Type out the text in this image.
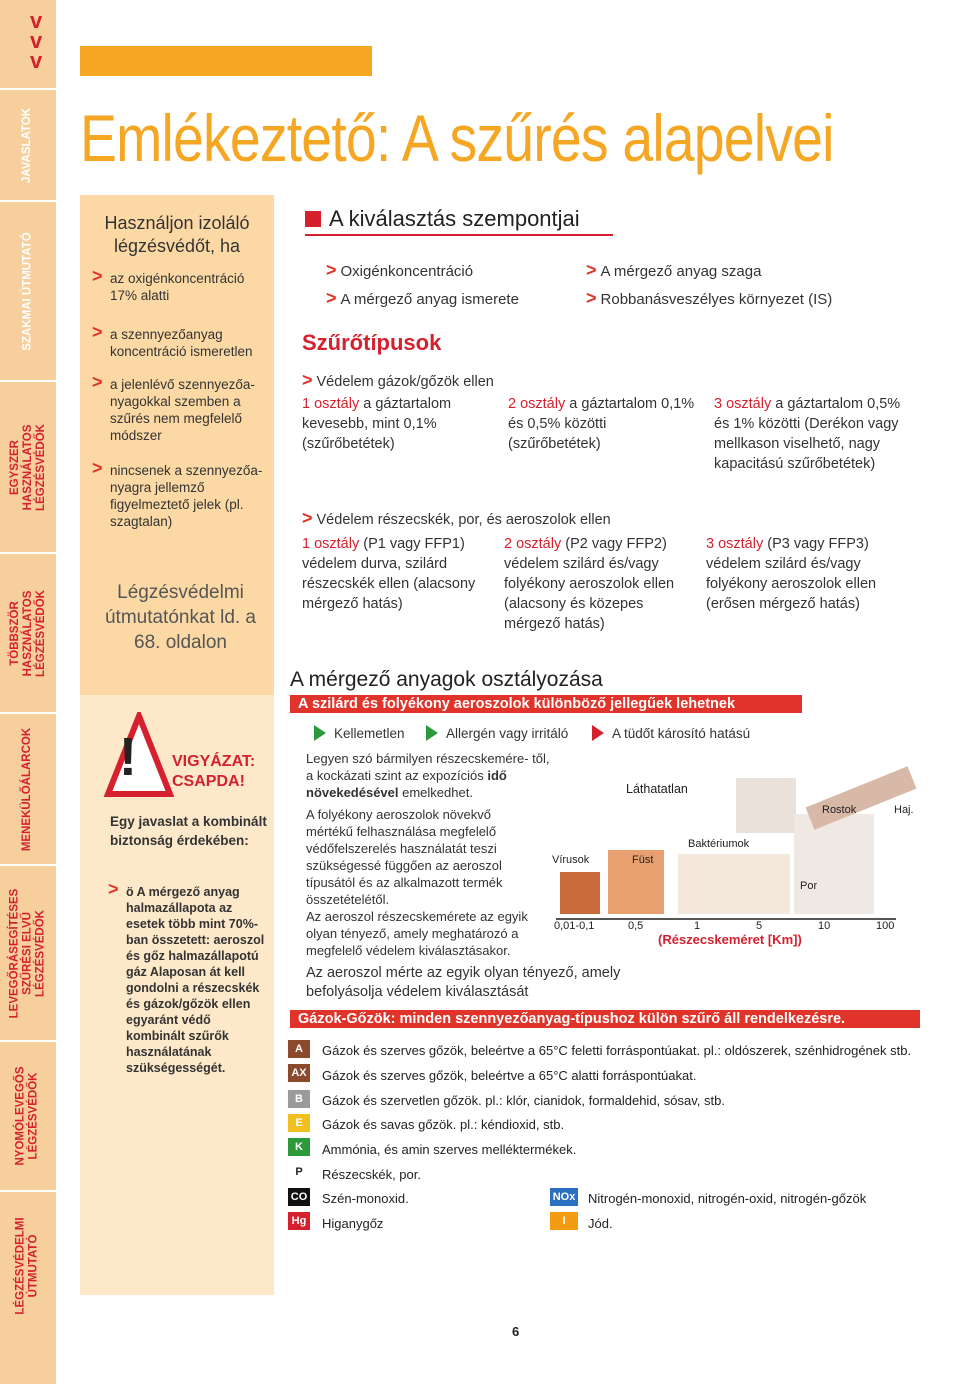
v
v
v
JAVASLATOK
SZAKMAI ÚTMUTATÓ
EGYSZER HASZNÁLATOS LÉGZÉSVÉDŐK
TÖBBSZÖR HASZNÁLATOS LÉGZÉSVÉDŐK
MENEKÜLŐÁLARCOK
LEVEGŐRÁSEGÍTÉSES SZŰRÉSI ELVŰ LÉGZÉSVÉDŐK
NYOMÓLEVEGŐS LÉGZÉSVÉDŐK
LÉGZÉSVÉDELMI ÚTMUTATÓ
Emlékeztető: A szűrés alapelvei
Használjon izoláló légzésvédőt, ha
> az oxigénkoncentráció 17% alatti
> a szennyezőanyag koncentráció ismeretlen
> a jelenlévő szennyezőa-nyagokkal szemben a szűrés nem megfelelő módszer
> nincsenek a szennyezőa-nyagra jellemző figyelmeztető jelek (pl. szagtalan)
Légzésvédelmi útmutatónkat ld. a 68. oldalon
! VIGYÁZAT: CSAPDA!
Egy javaslat a kombinált biztonság érdekében:
> ö A mérgező anyag halmazállapota az esetek több mint 70%-ban összetett: aeroszol és gőz halmazállapotú gáz Alaposan át kell gondolni a részecskék és gázok/gőzök ellen egyaránt védő kombinált szűrők használatának szükségességét.
A kiválasztás szempontjai
> Oxigénkoncentráció
> A mérgező anyag ismerete
> A mérgező anyag szaga
> Robbanásveszélyes környezet (IS)
Szűrőtípusok
> Védelem gázok/gőzök ellen
1 osztály a gáztartalom kevesebb, mint 0,1% (szűrőbetétek)
2 osztály a gáztartalom 0,1% és 0,5% közötti (szűrőbetétek)
3 osztály a gáztartalom 0,5% és 1% közötti (Derékon vagy mellkason viselhető, nagy kapacitású szűrőbetétek)
> Védelem részecskék, por, és aeroszolok ellen
1 osztály (P1 vagy FFP1) védelem durva, szilárd részecskék ellen (alacsony mérgező hatás)
2 osztály (P2 vagy FFP2) védelem szilárd és/vagy folyékony aeroszolok ellen (alacsony és közepes mérgező hatás)
3 osztály (P3 vagy FFP3) védelem szilárd és/vagy folyékony aeroszolok ellen (erősen mérgező hatás)
A mérgező anyagok osztályozása
A szilárd és folyékony aeroszolok különböző jellegűek lehetnek
Kellemetlen	Allergén vagy irritáló	A tüdőt károsító hatású
Legyen szó bármilyen részecskemére- től, a kockázati szint az expozíciós idő növekedésével emelkedhet.
A folyékony aeroszolok növekvő mértékű felhasználása megfelelő védőfelszerelés használatát teszi szükségessé függően az aeroszol típusától és az alkalmazott termék összetételétől.
Az aeroszol részecskemérete az egyik olyan tényező, amely meghatározó a megfelelő védelem kiválasztásakor.
Az aeroszol mérte az egyik olyan tényező, amely befolyásolja védelem kiválasztását
Láthatatlan
Vírusok	Füst
Baktériumok
Por
Rostok	Haj.
0,01-0,1	0,5	1	5	10	100
(Részecskeméret [Km])
Gázok-Gőzök: minden szennyezőanyag-típushoz külön szűrő áll rendelkezésre.
A	Gázok és szerves gőzök, beleértve a 65°C feletti forráspontúakat. pl.: oldószerek, szénhidrogének stb.
AX Gázok és szerves gőzök, beleértve a 65°C alatti forráspontúakat.
B	Gázok és szervetlen gőzök. pl.: klór, cianidok, formaldehid, sósav, stb.
E	Gázok és savas gőzök. pl.: kéndioxid, stb.
K	Ammónia, és amin szerves melléktermékek.
P	Részecskék, por.
CO Szén-monoxid.
Hg Higanygőz
NOx Nitrogén-monoxid, nitrogén-oxid, nitrogén-gőzök
I	Jód.
6
